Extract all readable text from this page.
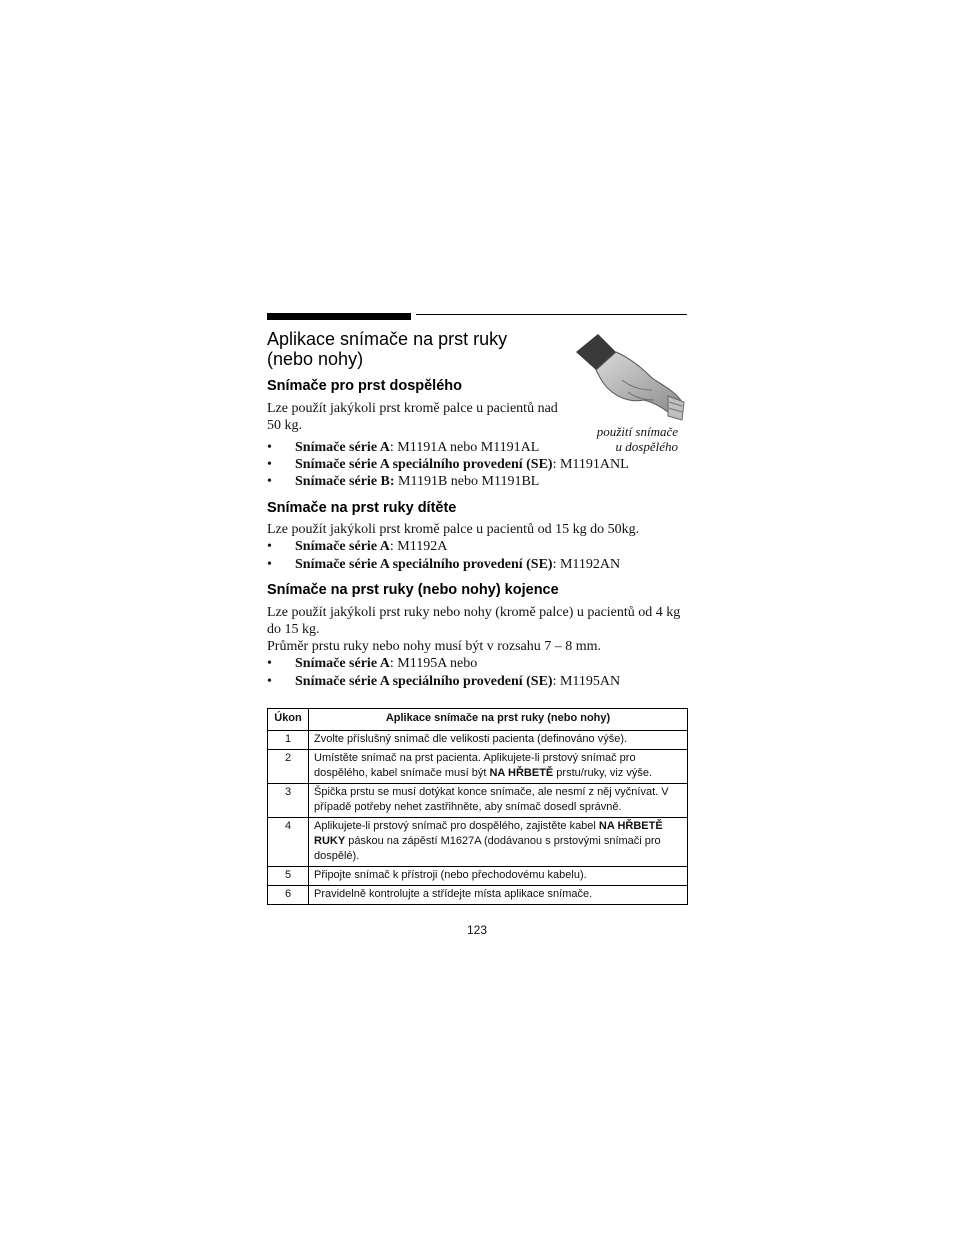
Aplikace snímače na prst ruky
(nebo nohy)
použití snímače
u dospělého
Snímače pro prst dospělého

Lze použít jakýkoli prst kromě palce u pacientů nad
50 kg.

• Snímače série A: M1191A nebo M1191AL
• Snímače série A speciálního provedení (SE): M1191ANL
• Snímače série B: M1191B nebo M1191BL
Snímače na prst ruky dítěte

Lze použít jakýkoli prst kromě palce u pacientů od 15 kg do 50kg.

• Snímače série A: M1192A
• Snímače série A speciálního provedení (SE): M1192AN
Snímače na prst ruky (nebo nohy) kojence

Lze použít jakýkoli prst ruky nebo nohy (kromě palce) u pacientů od 4 kg
do 15 kg.
Průměr prstu ruky nebo nohy musí být v rozsahu 7 – 8 mm.

• Snímače série A: M1195A nebo
• Snímače série A speciálního provedení (SE): M1195AN
Úkon	Aplikace snímače na prst ruky (nebo nohy)
1	Zvolte příslušný snímač dle velikosti pacienta (definováno výše).
2	Umístěte snímač na prst pacienta. Aplikujete-li prstový snímač pro dospělého, kabel snímače musí být NA HŘBETĚ prstu/ruky, viz výše.
3	Špička prstu se musí dotýkat konce snímače, ale nesmí z něj vyčnívat. V případě potřeby nehet zastřihněte, aby snímač dosedl správně.
4	Aplikujete-li prstový snímač pro dospělého, zajistěte kabel NA HŘBETĚ RUKY páskou na zápěstí M1627A (dodávanou s prstovými snímači pro dospělé).
5	Připojte snímač k přístroji (nebo přechodovému kabelu).
6	Pravidelně kontrolujte a střídejte místa aplikace snímače.
123
